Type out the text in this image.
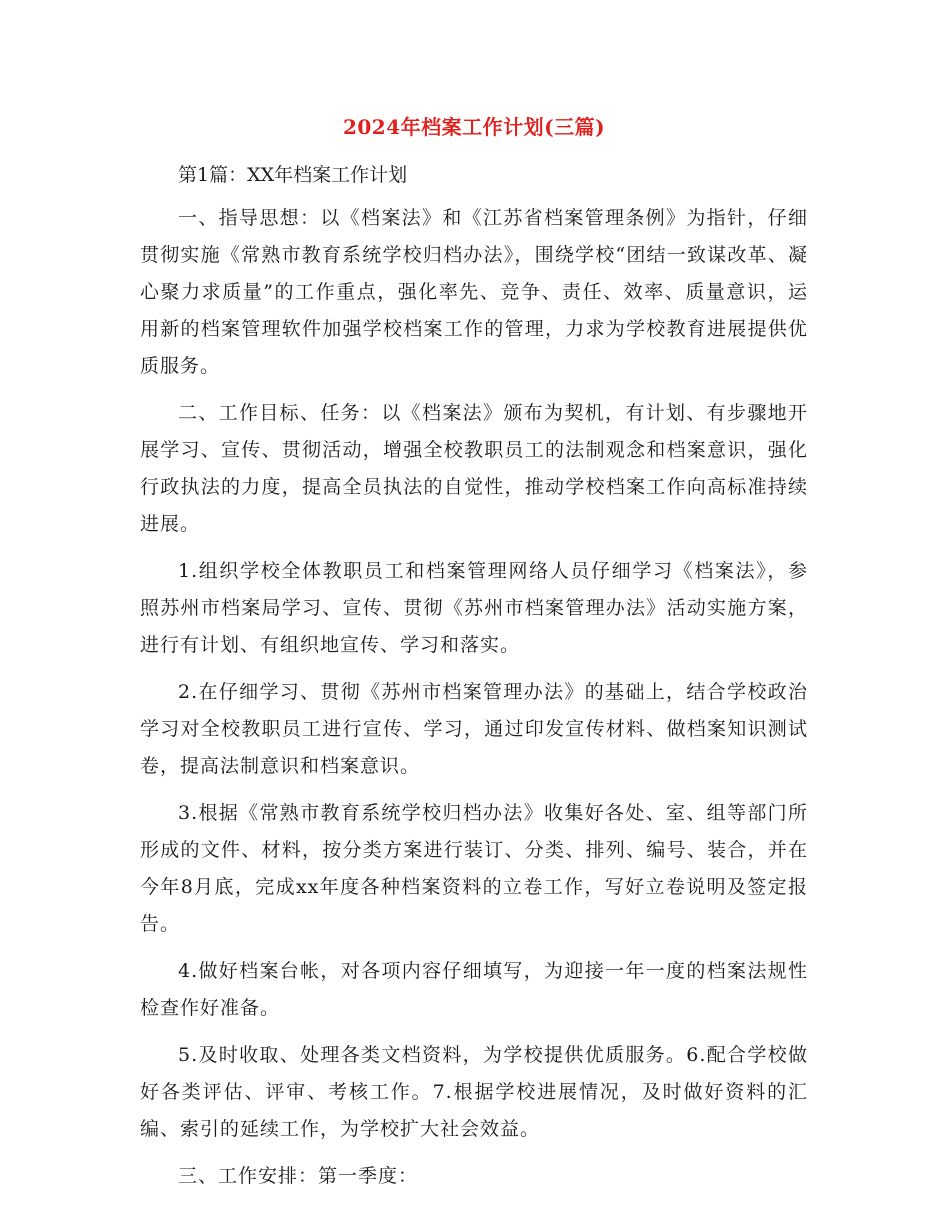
2024年档案工作计划(三篇)

第1篇：XX年档案工作计划

一、指导思想：以《档案法》和《江苏省档案管理条例》为指针，仔细贯彻实施《常熟市教育系统学校归档办法》，围绕学校“团结一致谋改革、凝心聚力求质量”的工作重点，强化率先、竞争、责任、效率、质量意识，运用新的档案管理软件加强学校档案工作的管理，力求为学校教育进展提供优质服务。

二、工作目标、任务：以《档案法》颁布为契机，有计划、有步骤地开展学习、宣传、贯彻活动，增强全校教职员工的法制观念和档案意识，强化行政执法的力度，提高全员执法的自觉性，推动学校档案工作向高标准持续进展。

1.组织学校全体教职员工和档案管理网络人员仔细学习《档案法》，参照苏州市档案局学习、宣传、贯彻《苏州市档案管理办法》活动实施方案，进行有计划、有组织地宣传、学习和落实。

2.在仔细学习、贯彻《苏州市档案管理办法》的基础上，结合学校政治学习对全校教职员工进行宣传、学习，通过印发宣传材料、做档案知识测试卷，提高法制意识和档案意识。

3.根据《常熟市教育系统学校归档办法》收集好各处、室、组等部门所形成的文件、材料，按分类方案进行装订、分类、排列、编号、装合，并在今年8月底，完成xx年度各种档案资料的立卷工作，写好立卷说明及签定报告。

4.做好档案台帐，对各项内容仔细填写，为迎接一年一度的档案法规性检查作好准备。

5.及时收取、处理各类文档资料，为学校提供优质服务。6.配合学校做好各类评估、评审、考核工作。7.根据学校进展情况，及时做好资料的汇编、索引的延续工作，为学校扩大社会效益。

三、工作安排：第一季度：
